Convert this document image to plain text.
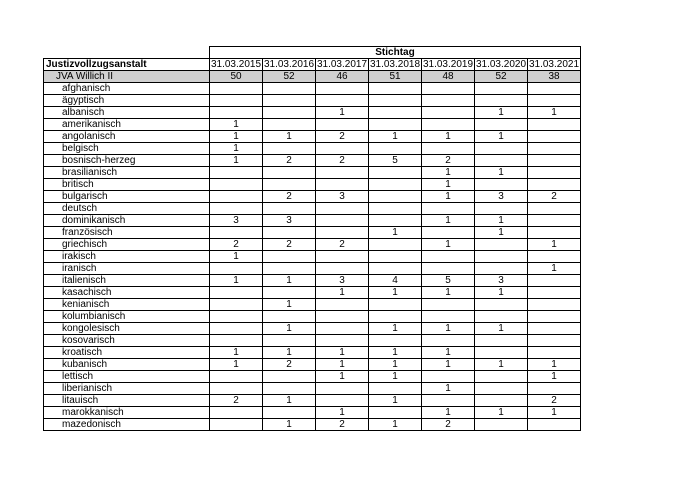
	Stichtag						
Justizvollzugsanstalt	31.03.2015	31.03.2016	31.03.2017	31.03.2018	31.03.2019	31.03.2020	31.03.2021
JVA Willich II	50	52	46	51	48	52	38
afghanisch							
ägyptisch							
albanisch			1			1	1
amerikanisch	1						
angolanisch	1	1	2	1	1	1	
belgisch	1						
bosnisch-herzeg	1	2	2	5	2		
brasilianisch					1	1	
britisch					1		
bulgarisch		2	3		1	3	2
deutsch							
dominikanisch	3	3			1	1	
französisch				1		1	
griechisch	2	2	2		1		1
irakisch	1						
iranisch							1
italienisch	1	1	3	4	5	3	
kasachisch			1	1	1	1	
kenianisch		1					
kolumbianisch							
kongolesisch		1		1	1	1	
kosovarisch							
kroatisch	1	1	1	1	1		
kubanisch	1	2	1	1	1	1	1
lettisch			1	1			1
liberianisch					1		
litauisch	2	1		1			2
marokkanisch			1		1	1	1
mazedonisch		1	2	1	2		
